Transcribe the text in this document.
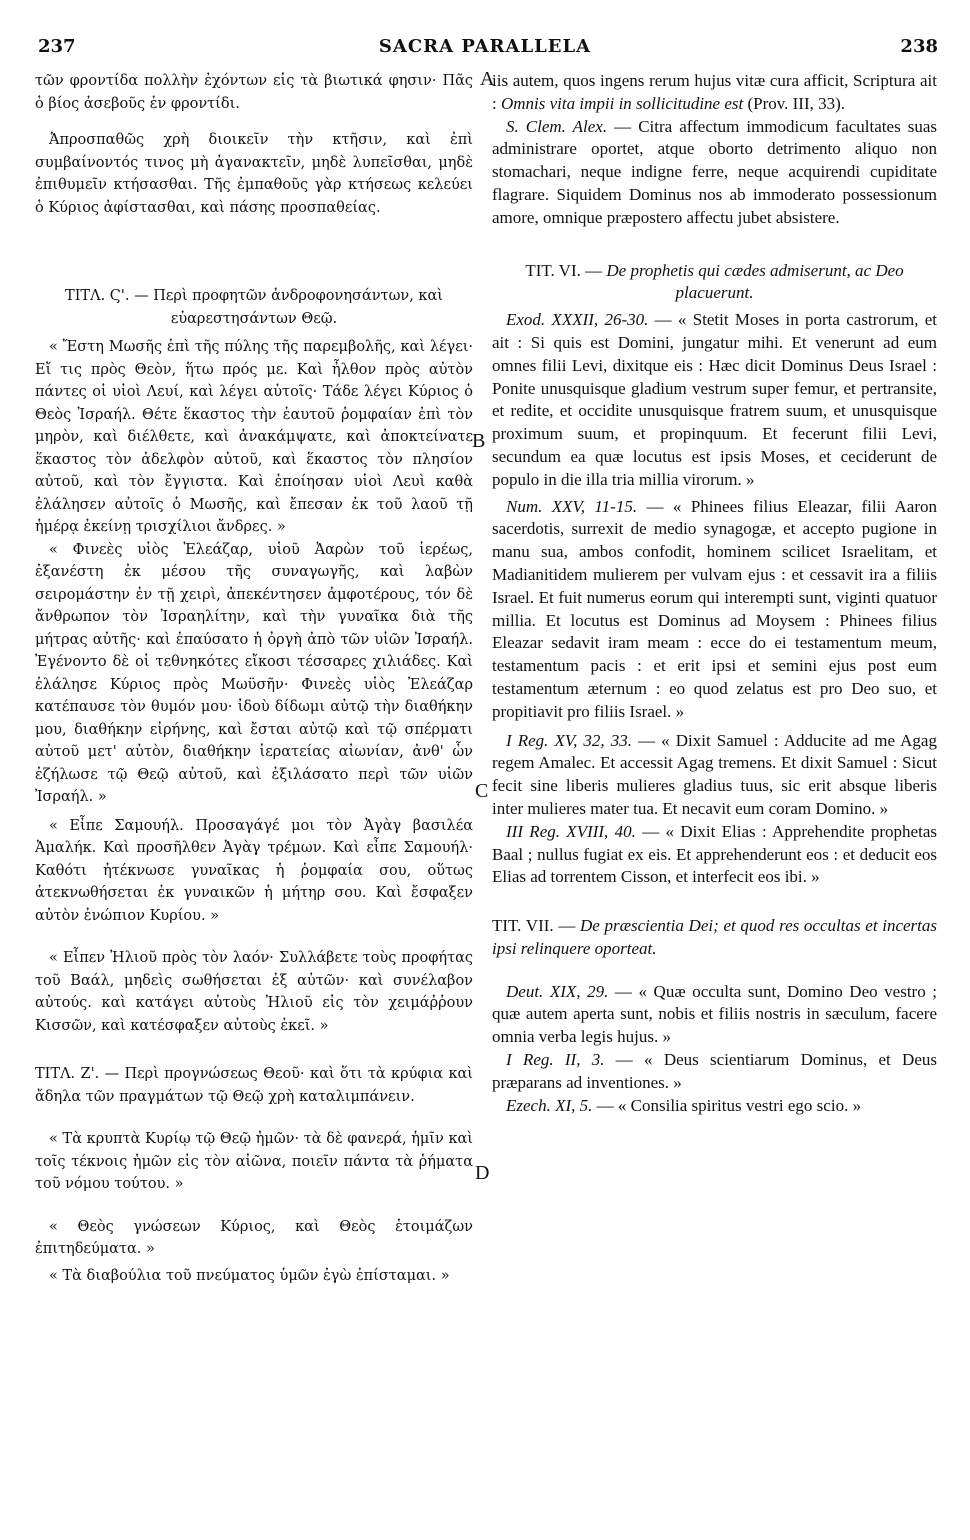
237	SACRA PARALLELA	238
A
B
C
D

τῶν φροντίδα πολλὴν ἐχόντων εἰς τὰ βιωτικά φησιν· Πᾶς ὁ βίος ἀσεβοῦς ἐν φροντίδι.

Ἀπροσπαθῶς χρὴ διοικεῖν τὴν κτῆσιν, καὶ ἐπὶ συμβαίνοντός τινος μὴ ἀγανακτεῖν, μηδὲ λυπεῖσθαι, μηδὲ ἐπιθυμεῖν κτήσασθαι. Τῆς ἐμπαθοῦς γὰρ κτήσεως κελεύει ὁ Κύριος ἀφίστασθαι, καὶ πάσης προσπαθείας.

ΤΙΤΛ. Ϛ'. — Περὶ προφητῶν ἀνδροφονησάντων, καὶ εὐαρεστησάντων Θεῷ.

« Ἔστη Μωσῆς ἐπὶ τῆς πύλης τῆς παρεμβολῆς, καὶ λέγει· Εἴ τις πρὸς Θεὸν, ἥτω πρός με. Καὶ ἦλθον πρὸς αὐτὸν πάντες οἱ υἱοὶ Λευί, καὶ λέγει αὐτοῖς· Τάδε λέγει Κύριος ὁ Θεὸς Ἰσραήλ. Θέτε ἕκαστος τὴν ἑαυτοῦ ῥομφαίαν ἐπὶ τὸν μηρὸν, καὶ διέλθετε, καὶ ἀνακάμψατε, καὶ ἀποκτείνατε ἕκαστος τὸν ἀδελφὸν αὐτοῦ, καὶ ἕκαστος τὸν πλησίον αὐτοῦ, καὶ τὸν ἔγγιστα. Καὶ ἐποίησαν υἱοὶ Λευὶ καθὰ ἐλάλησεν αὐτοῖς ὁ Μωσῆς, καὶ ἔπεσαν ἐκ τοῦ λαοῦ τῇ ἡμέρᾳ ἐκείνῃ τρισχίλιοι ἄνδρες. »

« Φινεὲς υἱὸς Ἐλεάζαρ, υἱοῦ Ἀαρὼν τοῦ ἱερέως, ἐξανέστη ἐκ μέσου τῆς συναγωγῆς, καὶ λαβὼν σειρομάστην ἐν τῇ χειρὶ, ἀπεκέντησεν ἀμφοτέρους, τόν δὲ ἄνθρωπον τὸν Ἰσραηλίτην, καὶ τὴν γυναῖκα διὰ τῆς μήτρας αὐτῆς· καὶ ἐπαύσατο ἡ ὀργὴ ἀπὸ τῶν υἱῶν Ἰσραήλ. Ἐγένοντο δὲ οἱ τεθνηκότες εἴκοσι τέσσαρες χιλιάδες. Καὶ ἐλάλησε Κύριος πρὸς Μωϋσῆν· Φινεὲς υἱὸς Ἐλεάζαρ κατέπαυσε τὸν θυμόν μου· ἰδοὺ δίδωμι αὐτῷ τὴν διαθήκην μου, διαθήκην εἰρήνης, καὶ ἔσται αὐτῷ καὶ τῷ σπέρματι αὐτοῦ μετ' αὐτὸν, διαθήκην ἱερατείας αἰωνίαν, ἀνθ' ὧν ἐζήλωσε τῷ Θεῷ αὐτοῦ, καὶ ἐξιλάσατο περὶ τῶν υἱῶν Ἰσραήλ. »

« Εἶπε Σαμουήλ. Προσαγάγέ μοι τὸν Ἀγὰγ βασιλέα Ἀμαλήκ. Καὶ προσῆλθεν Ἀγὰγ τρέμων. Καὶ εἶπε Σαμουήλ· Καθότι ἠτέκνωσε γυναῖκας ἡ ῥομφαία σου, οὕτως ἀτεκνωθήσεται ἐκ γυναικῶν ἡ μήτηρ σου. Καὶ ἔσφαξεν αὐτὸν ἐνώπιον Κυρίου. »

« Εἶπεν Ἠλιοῦ πρὸς τὸν λαόν· Συλλάβετε τοὺς προφήτας τοῦ Βαάλ, μηδεὶς σωθήσεται ἐξ αὐτῶν· καὶ συνέλαβον αὐτούς. καὶ κατάγει αὐτοὺς Ἠλιοῦ εἰς τὸν χειμάῤῥουν Κισσῶν, καὶ κατέσφαξεν αὐτοὺς ἐκεῖ. »

ΤΙΤΛ. Ζ'. — Περὶ προγνώσεως Θεοῦ· καὶ ὅτι τὰ κρύφια καὶ ἄδηλα τῶν πραγμάτων τῷ Θεῷ χρὴ καταλιμπάνειν.

« Τὰ κρυπτὰ Κυρίῳ τῷ Θεῷ ἡμῶν· τὰ δὲ φανερά, ἡμῖν καὶ τοῖς τέκνοις ἡμῶν εἰς τὸν αἰῶνα, ποιεῖν πάντα τὰ ῥήματα τοῦ νόμου τούτου. »

« Θεὸς γνώσεων Κύριος, καὶ Θεὸς ἑτοιμάζων ἐπιτηδεύματα. »

« Τὰ διαβούλια τοῦ πνεύματος ὑμῶν ἐγὼ ἐπίσταμαι. »

iis autem, quos ingens rerum hujus vitæ cura afficit, Scriptura ait : Omnis vita impii in sollicitudine est (Prov. III, 33).

S. Clem. Alex. — Citra affectum immodicum facultates suas administrare oportet, atque oborto detrimento aliquo non stomachari, neque indigne ferre, neque acquirendi cupiditate flagrare. Siquidem Dominus nos ab immoderato possessionum amore, omnique præpostero affectu jubet absistere.

TIT. VI. — De prophetis qui cædes admiserunt, ac Deo placuerunt.

Exod. XXXII, 26-30. — « Stetit Moses in porta castrorum, et ait : Si quis est Domini, jungatur mihi. Et venerunt ad eum omnes filii Levi, dixitque eis : Hæc dicit Dominus Deus Israel : Ponite unusquisque gladium vestrum super femur, et pertransite, et redite, et occidite unusquisque fratrem suum, et unusquisque proximum suum, et propinquum. Et fecerunt filii Levi, secundum ea quæ locutus est ipsis Moses, et ceciderunt de populo in die illa tria millia virorum. »

Num. XXV, 11-15. — « Phinees filius Eleazar, filii Aaron sacerdotis, surrexit de medio synagogæ, et accepto pugione in manu sua, ambos confodit, hominem scilicet Israelitam, et Madianitidem mulierem per vulvam ejus : et cessavit ira a filiis Israel. Et fuit numerus eorum qui interempti sunt, viginti quatuor millia. Et locutus est Dominus ad Moysem : Phinees filius Eleazar sedavit iram meam : ecce do ei testamentum meum, testamentum pacis : et erit ipsi et semini ejus post eum testamentum æternum : eo quod zelatus est pro Deo suo, et propitiavit pro filiis Israel. »

I Reg. XV, 32, 33. — « Dixit Samuel : Adducite ad me Agag regem Amalec. Et accessit Agag tremens. Et dixit Samuel : Sicut fecit sine liberis mulieres gladius tuus, sic erit absque liberis inter mulieres mater tua. Et necavit eum coram Domino. »

III Reg. XVIII, 40. — « Dixit Elias : Apprehendite prophetas Baal ; nullus fugiat ex eis. Et apprehenderunt eos : et deducit eos Elias ad torrentem Cisson, et interfecit eos ibi. »

TIT. VII. — De præscientia Dei; et quod res occultas et incertas ipsi relinquere oporteat.

Deut. XIX, 29. — « Quæ occulta sunt, Domino Deo vestro ; quæ autem aperta sunt, nobis et filiis nostris in sæculum, facere omnia verba legis hujus. »

I Reg. II, 3. — « Deus scientiarum Dominus, et Deus præparans ad inventiones. »

Ezech. XI, 5. — « Consilia spiritus vestri ego scio. »
